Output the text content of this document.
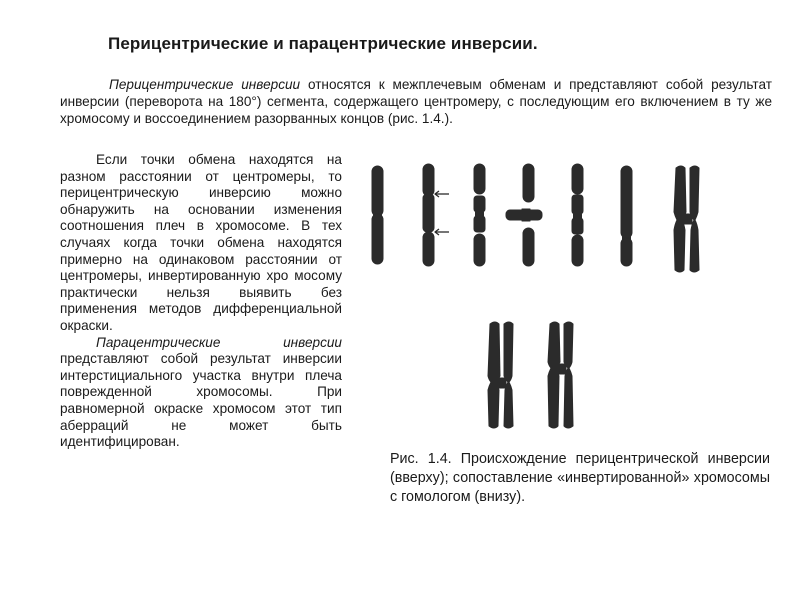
Перицентрические и парацентрические инверсии.
Перицентрические инверсии относятся к межплечевым обменам и представляют собой результат инверсии (переворота на 180°) сегмента, содержащего центромеру, с последующим его включением в ту же хромосому и воссоединением разорванных концов (рис. 1.4.).

Если точки обмена находятся на разном расстоянии от центромеры, то перицентрическую инверсию можно обнаружить на основании изменения соотношения плеч в хромосоме. В тех случаях когда точки обмена находятся примерно на одинаковом расстоянии от центромеры, инвертированную хро мосому практически нельзя выявить без применения методов дифференциальной окраски.

Парацентрические инверсии представляют собой результат инверсии интерстициального участка внутри плеча поврежденной хромосомы. При равномерной окраске хромосом этот тип аберраций не может быть идентифицирован.

Рис. 1.4. Происхождение перицентрической инверсии (вверху); сопоставление «инвертированной» хромосомы с гомологом (внизу).
